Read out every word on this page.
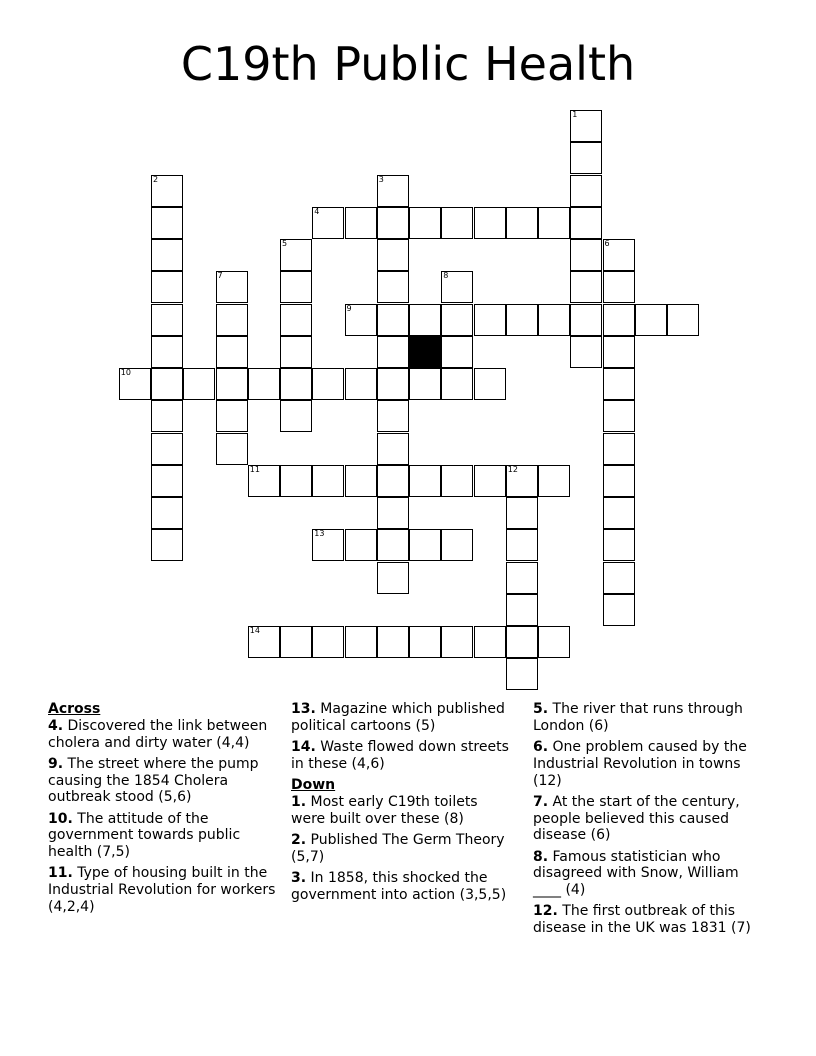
C19th Public Health
1
2	3
4
5	6
7	8
9
10
11	12
13
14
Across
4. Discovered the link between cholera and dirty water (4,4)
9. The street where the pump causing the 1854 Cholera outbreak stood (5,6)
10. The attitude of the government towards public health (7,5)
11. Type of housing built in the Industrial Revolution for workers (4,2,4)
13. Magazine which published political cartoons (5)
14. Waste flowed down streets in these (4,6)
Down
1. Most early C19th toilets were built over these (8)
2. Published The Germ Theory (5,7)
3. In 1858, this shocked the government into action (3,5,5)
5. The river that runs through London (6)
6. One problem caused by the Industrial Revolution in towns (12)
7. At the start of the century, people believed this caused disease (6)
8. Famous statistician who disagreed with Snow, William ____ (4)
12. The first outbreak of this disease in the UK was 1831 (7)
